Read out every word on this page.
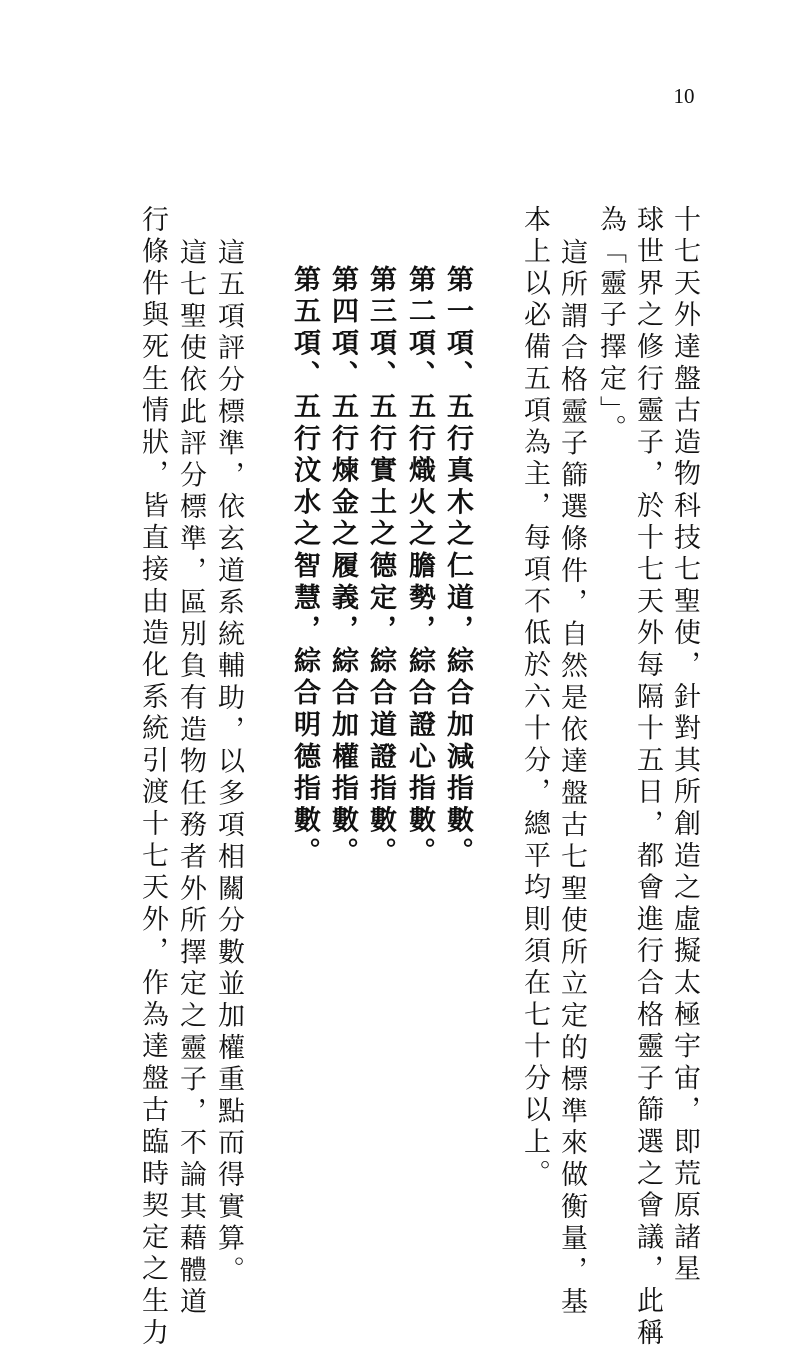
10
十七天外達盤古造物科技七聖使，針對其所創造之虛擬太極宇宙，即荒原諸星
球世界之修行靈子，於十七天外每隔十五日，都會進行合格靈子篩選之會議，此稱
為「靈子擇定」。
這所謂合格靈子篩選條件，自然是依達盤古七聖使所立定的標準來做衡量，基
本上以必備五項為主，每項不低於六十分，總平均則須在七十分以上。
第一項、五行真木之仁道，綜合加減指數。
第二項、五行熾火之膽勢，綜合證心指數。
第三項、五行實土之德定，綜合道證指數。
第四項、五行煉金之履義，綜合加權指數。
第五項、五行汶水之智慧，綜合明德指數。
這五項評分標準，依玄道系統輔助，以多項相關分數並加權重點而得實算。
這七聖使依此評分標準，區別負有造物任務者外所擇定之靈子，不論其藉體道
行條件與死生情狀，皆直接由造化系統引渡十七天外，作為達盤古臨時契定之生力
